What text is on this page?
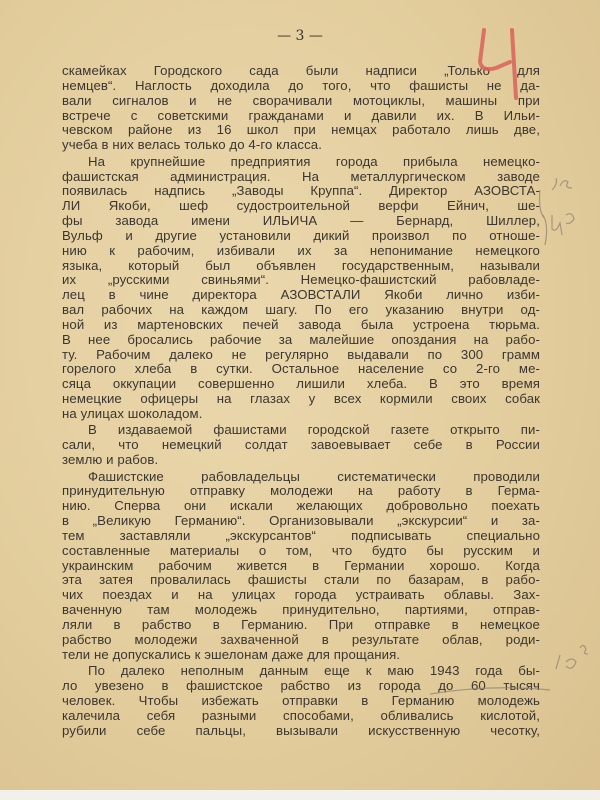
— 3 —
скамейках Городского сада были надписи „Только для
немцев“. Наглость доходила до того, что фашисты не да-
вали сигналов и не сворачивали мотоциклы, машины при
встрече с советскими гражданами и давили их. В Ильи-
чевском районе из 16 школ при немцах работало лишь две,
учеба в них велась только до 4-го класса.
На крупнейшие предприятия города прибыла немецко-
фашистская администрация. На металлургическом заводе
появилась надпись „Заводы Круппа“. Директор АЗОВСТА-
ЛИ Якоби, шеф судостроительной верфи Ейнич, ше-
фы завода имени ИЛЬИЧА — Бернард, Шиллер,
Вульф и другие установили дикий произвол по отноше-
нию к рабочим, избивали их за непонимание немецкого
языка, который был объявлен государственным, называли
их „русскими свиньями“. Немецко-фашистский рабовладе-
лец в чине директора АЗОВСТАЛИ Якоби лично изби-
вал рабочих на каждом шагу. По его указанию внутри од-
ной из мартеновских печей завода была устроена тюрьма.
В нее бросались рабочие за малейшие опоздания на рабо-
ту. Рабочим далеко не регулярно выдавали по 300 грамм
горелого хлеба в сутки. Остальное население со 2-го ме-
сяца оккупации совершенно лишили хлеба. В это время
немецкие офицеры на глазах у всех кормили своих собак
на улицах шоколадом.
В издаваемой фашистами городской газете открыто пи-
сали, что немецкий солдат завоевывает себе в России
землю и рабов.
Фашистские рабовладельцы систематически проводили
принудительную отправку молодежи на работу в Герма-
нию. Сперва они искали желающих добровольно поехать
в „Великую Германию“. Организовывали „экскурсии“ и за-
тем заставляли „экскурсантов“ подписывать специально
составленные материалы о том, что будто бы русским и
украинским рабочим живется в Германии хорошо. Когда
эта затея провалилась фашисты стали по базарам, в рабо-
чих поездах и на улицах города устраивать облавы. Зах-
ваченную там молодежь принудительно, партиями, отправ-
ляли в рабство в Германию. При отправке в немецкое
рабство молодежи захваченной в результате облав, роди-
тели не допускались к эшелонам даже для прощания.
По далеко неполным данным еще к маю 1943 года бы-
ло увезено в фашистское рабство из города до 60 тысяч
человек. Чтобы избежать отправки в Германию молодежь
калечила себя разными способами, обливались кислотой,
рубили себе пальцы, вызывали искусственную чесотку,
